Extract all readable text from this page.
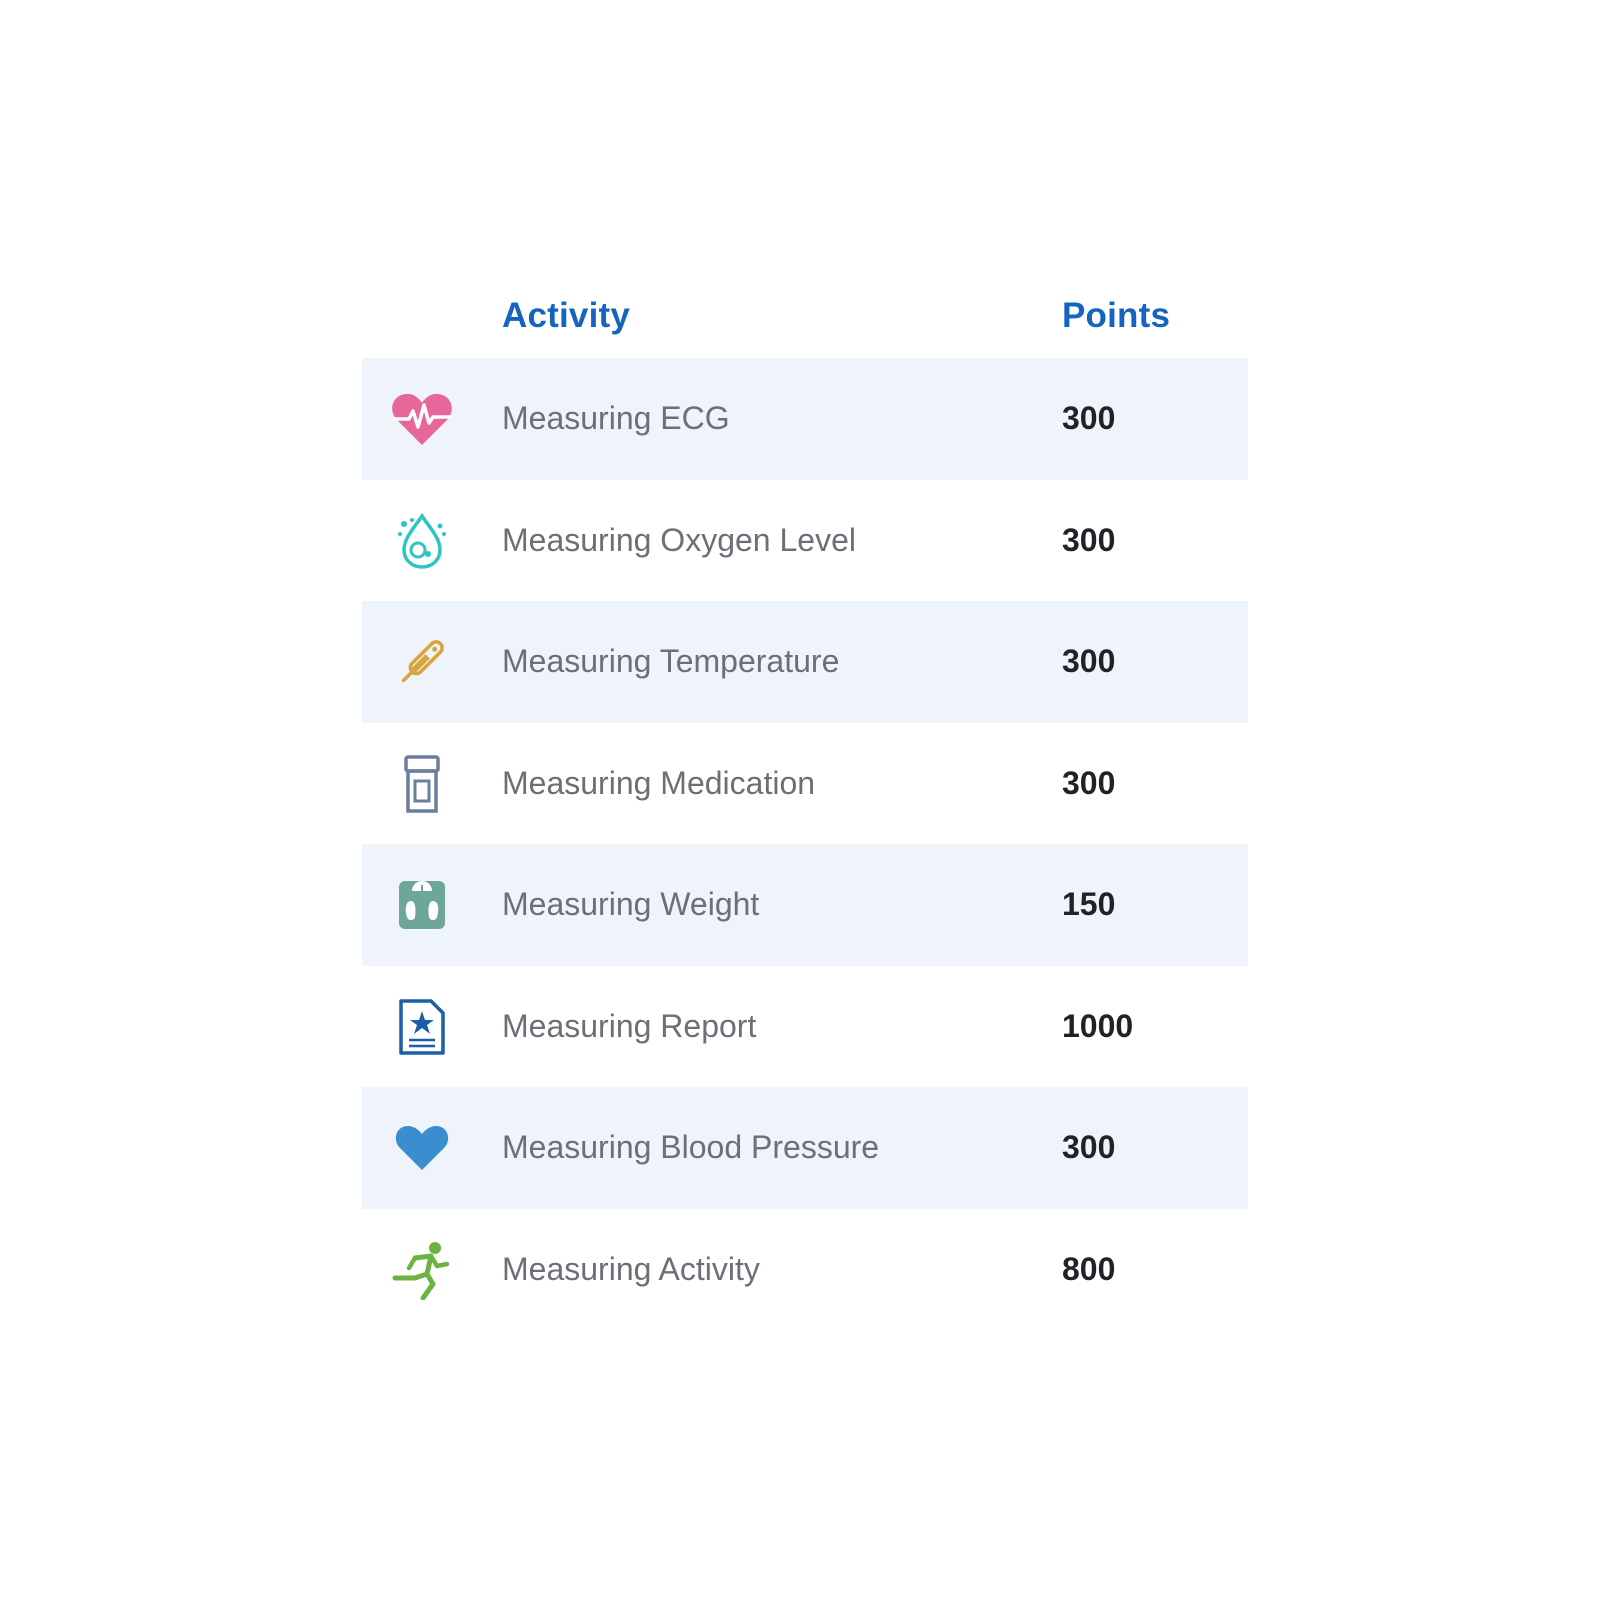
Activity	Points
Measuring ECG	300
Measuring Oxygen Level	300
Measuring Temperature	300
Measuring Medication	300
Measuring Weight	150
Measuring Report	1000
Measuring Blood Pressure	300
Measuring Activity	800
